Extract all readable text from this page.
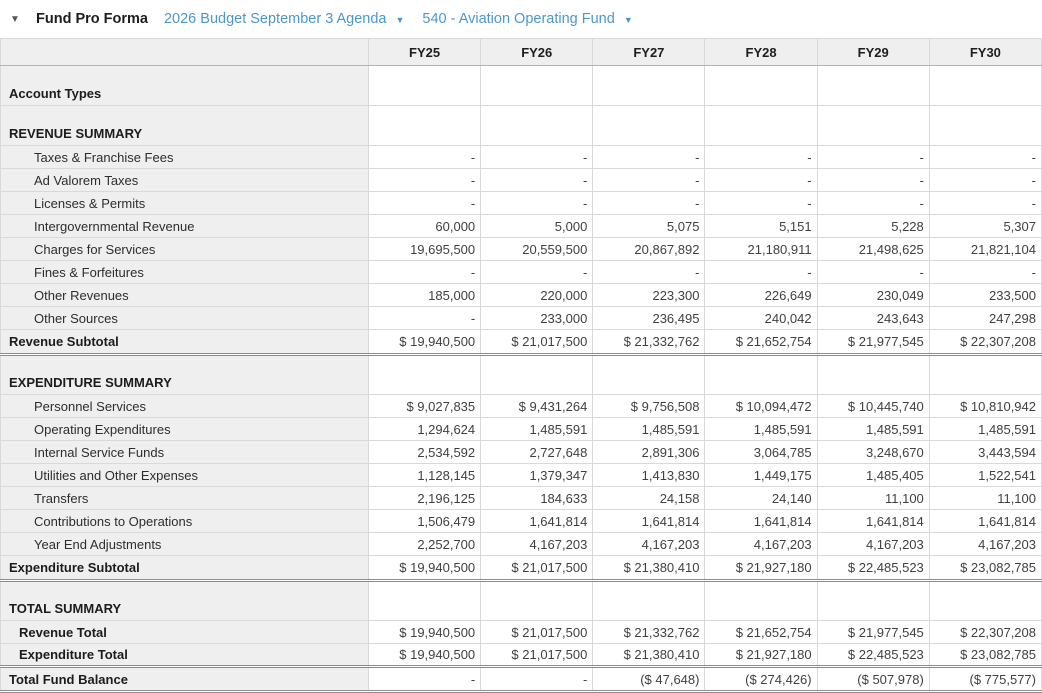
▼	Fund Pro Forma 2026 Budget September 3 Agenda ▼ 540 - Aviation Operating Fund ▼
	FY25	FY26	FY27	FY28	FY29	FY30
Account Types						
REVENUE SUMMARY						
Taxes & Franchise Fees	-	-	-	-	-	-
Ad Valorem Taxes	-	-	-	-	-	-
Licenses & Permits	-	-	-	-	-	-
Intergovernmental Revenue	60,000	5,000	5,075	5,151	5,228	5,307
Charges for Services	19,695,500	20,559,500	20,867,892	21,180,911	21,498,625	21,821,104
Fines & Forfeitures	-	-	-	-	-	-
Other Revenues	185,000	220,000	223,300	226,649	230,049	233,500
Other Sources	-	233,000	236,495	240,042	243,643	247,298
Revenue Subtotal	$ 19,940,500	$ 21,017,500	$ 21,332,762	$ 21,652,754	$ 21,977,545	$ 22,307,208
EXPENDITURE SUMMARY						
Personnel Services	$ 9,027,835	$ 9,431,264	$ 9,756,508	$ 10,094,472	$ 10,445,740	$ 10,810,942
Operating Expenditures	1,294,624	1,485,591	1,485,591	1,485,591	1,485,591	1,485,591
Internal Service Funds	2,534,592	2,727,648	2,891,306	3,064,785	3,248,670	3,443,594
Utilities and Other Expenses	1,128,145	1,379,347	1,413,830	1,449,175	1,485,405	1,522,541
Transfers	2,196,125	184,633	24,158	24,140	11,100	11,100
Contributions to Operations	1,506,479	1,641,814	1,641,814	1,641,814	1,641,814	1,641,814
Year End Adjustments	2,252,700	4,167,203	4,167,203	4,167,203	4,167,203	4,167,203
Expenditure Subtotal	$ 19,940,500	$ 21,017,500	$ 21,380,410	$ 21,927,180	$ 22,485,523	$ 23,082,785
TOTAL SUMMARY						
Revenue Total	$ 19,940,500	$ 21,017,500	$ 21,332,762	$ 21,652,754	$ 21,977,545	$ 22,307,208
Expenditure Total	$ 19,940,500	$ 21,017,500	$ 21,380,410	$ 21,927,180	$ 22,485,523	$ 23,082,785
Total Fund Balance	-	-	($ 47,648)	($ 274,426)	($ 507,978)	($ 775,577)
